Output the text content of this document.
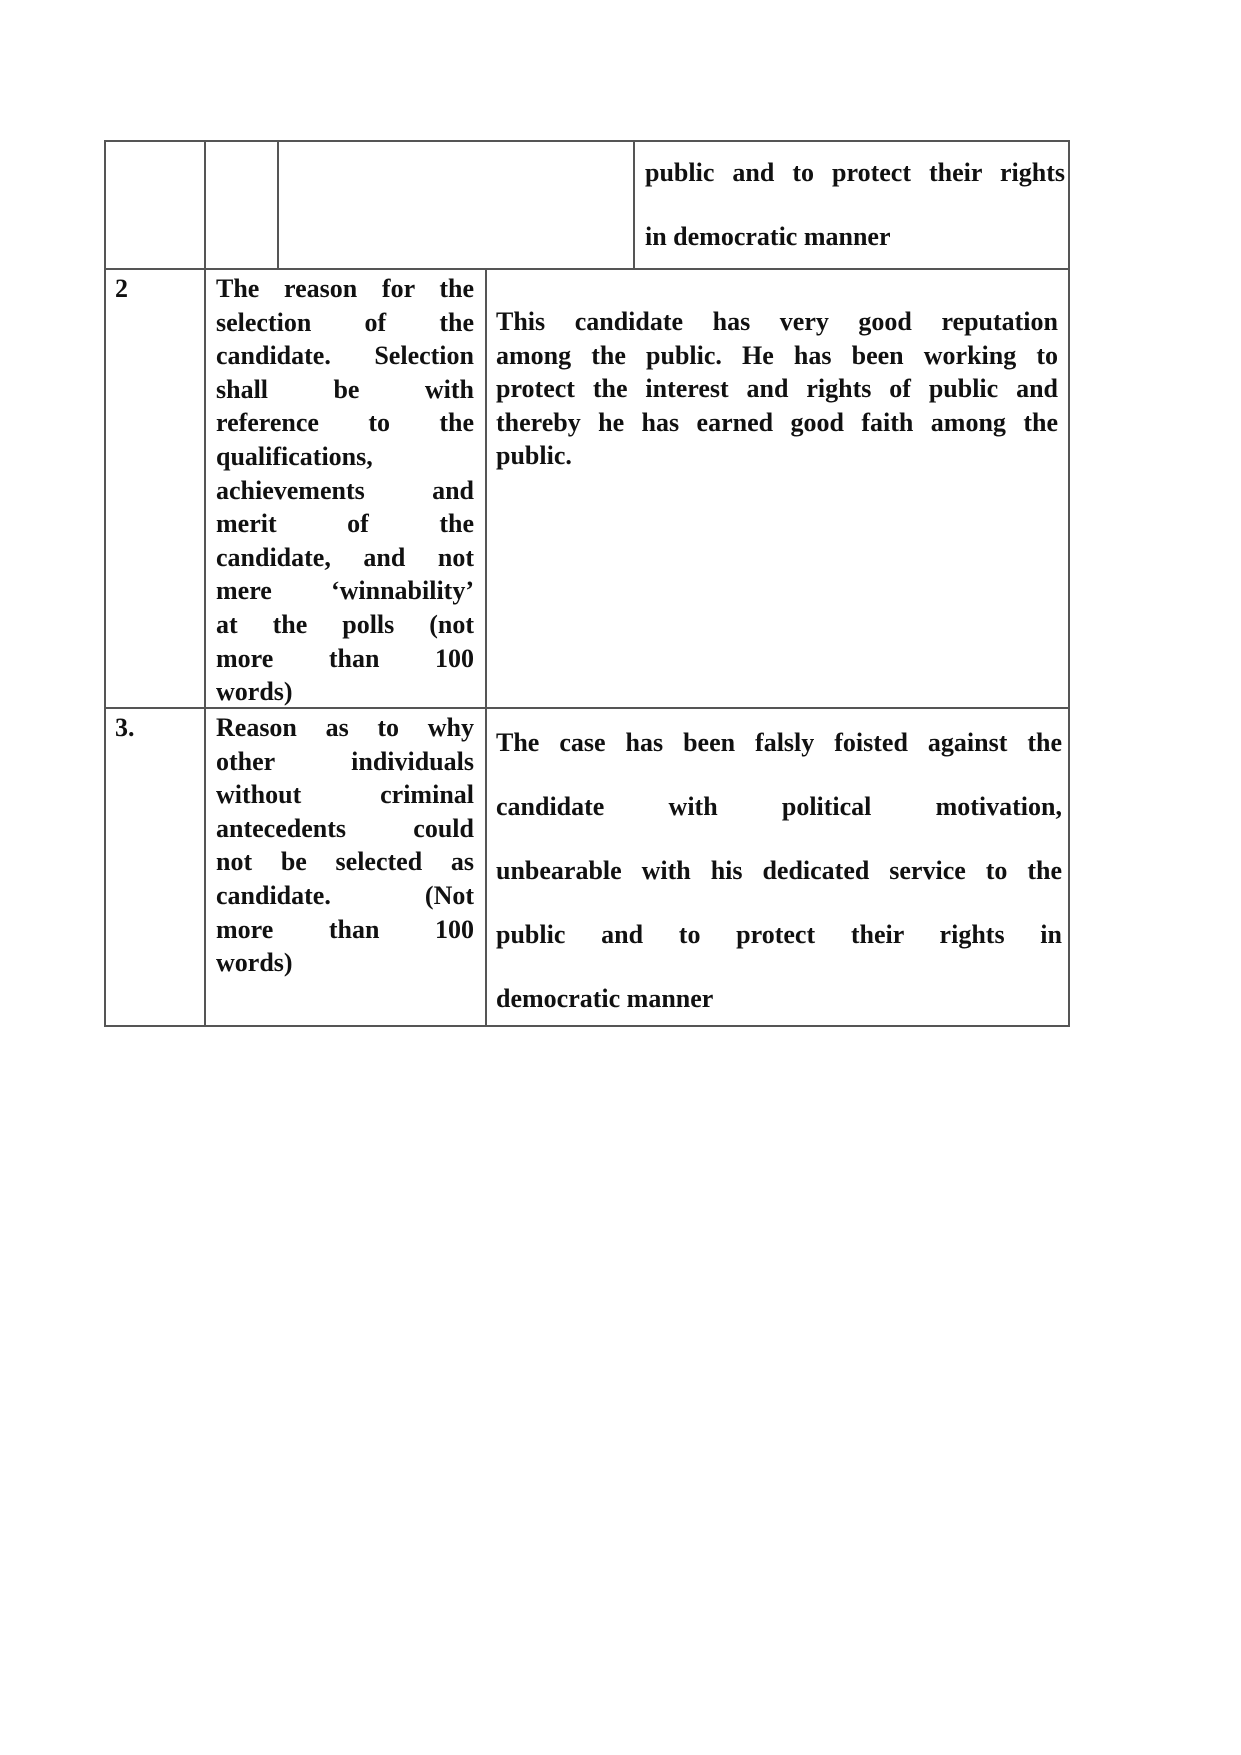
public and to protect their rights
in democratic manner
2	The reason for the
selection of the
candidate. Selection
shall be with
reference to the
qualifications,
achievements and
merit of the
candidate, and not
mere ‘winnability’
at the polls (not
more than 100
words)
This candidate has very good reputation
among the public. He has been working to
protect the interest and rights of public and
thereby he has earned good faith among the
public.
3.	Reason as to why
other individuals
without criminal
antecedents could
not be selected as
candidate. (Not
more than 100
words)
The case has been falsly foisted against the
candidate with political motivation,
unbearable with his dedicated service to the
public and to protect their rights in
democratic manner
